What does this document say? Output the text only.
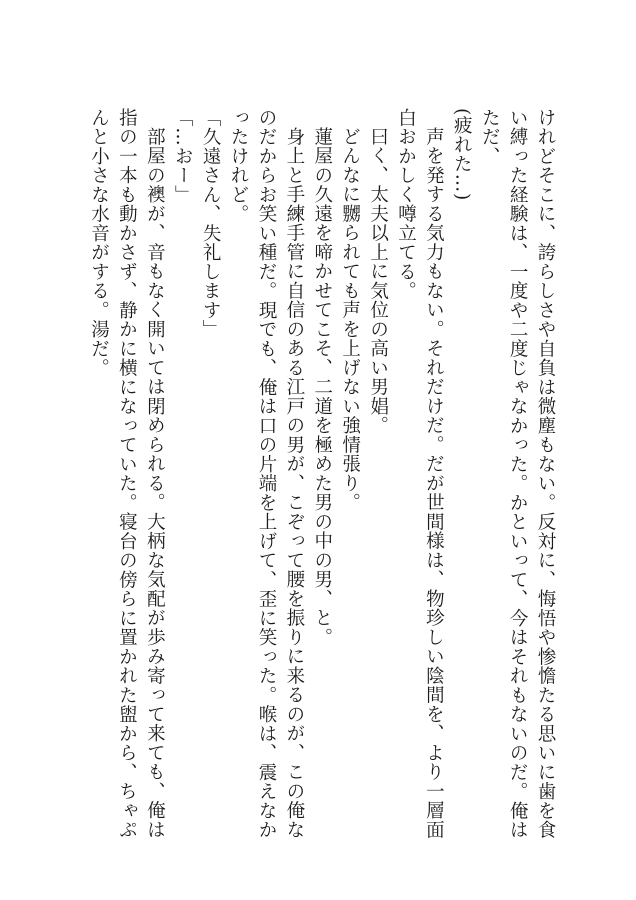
けれどそこに、誇らしさや自負は微塵もない。反対に、悔悟や惨憺たる思いに歯を食い縛った経験は、一度や二度じゃなかった。かといって、今はそれもないのだ。俺はただ、

(疲れた…)

声を発する気力もない。それだけだ。だが世間様は、物珍しい陰間を、より一層面白おかしく噂立てる。

曰く、太夫以上に気位の高い男娼。

どんなに嬲られても声を上げない強情張り。

蓮屋の久遠を啼かせてこそ、二道を極めた男の中の男、と。

身上と手練手管に自信のある江戸の男が、こぞって腰を振りに来るのが、この俺なのだからお笑い種だ。現でも、俺は口の片端を上げて、歪に笑った。喉は、震えなかったけれど。

「久遠さん、失礼します」

「…おー」

部屋の襖が、音もなく開いては閉められる。大柄な気配が歩み寄って来ても、俺は指の一本も動かさず、静かに横になっていた。寝台の傍らに置かれた盥から、ちゃぷんと小さな水音がする。湯だ。
